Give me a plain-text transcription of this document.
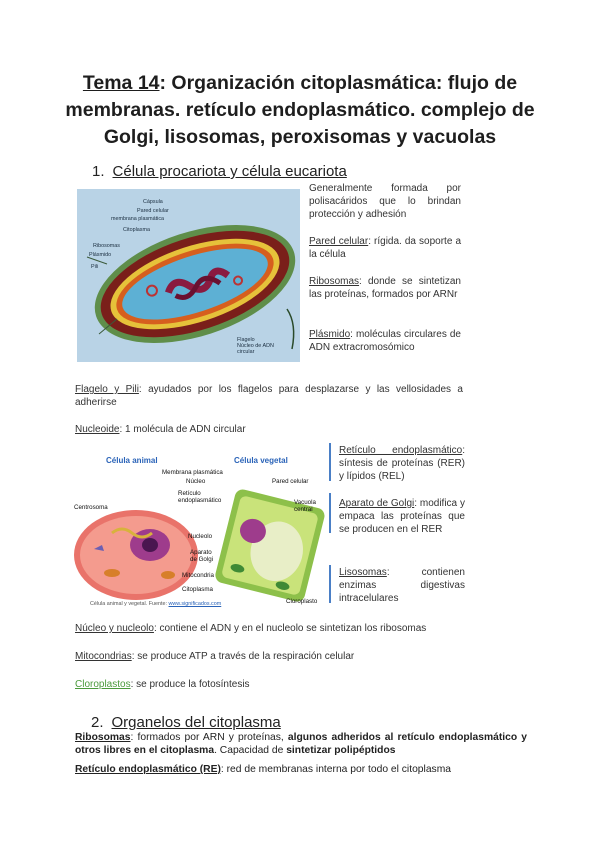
Tema 14: Organización citoplasmática: flujo de membranas. retículo endoplasmático. complejo de Golgi, lisosomas, peroxisomas y vacuolas
1. Célula procariota y célula eucariota
Cápsula
Pared celular
membrana plasmática
Citoplasma
Ribosomas
Plásmido
Pili
Flagelo
Núcleo de ADN circular
Generalmente formada por polisacáridos que lo brindan protección y adhesión
Pared celular: rígida. da soporte a la célula
Ribosomas: donde se sintetizan las proteínas, formados por ARNr
Plásmido: moléculas circulares de ADN extracromosómico
Flagelo y Pili: ayudados por los flagelos para desplazarse y las vellosidades a adherirse
Nucleoide: 1 molécula de ADN circular
Célula animal	Célula vegetal
Membrana plasmática
Núcleo
Retículo endoplasmático
Centrosoma
Nucleolo
Aparato de Golgi
Mitocondria
Citoplasma
Pared celular
Vacuola central
Cloroplasto
Célula animal y vegetal. Fuente: www.significados.com
Retículo endoplasmático: síntesis de proteínas (RER) y lípidos (REL)
Aparato de Golgi: modifica y empaca las proteínas que se producen en el RER
Lisosomas: contienen enzimas digestivas intracelulares
Núcleo y nucleolo: contiene el ADN y en el nucleolo se sintetizan los ribosomas
Mitocondrias: se produce ATP a través de la respiración celular
Cloroplastos: se produce la fotosíntesis
2. Organelos del citoplasma
Ribosomas: formados por ARN y proteínas, algunos adheridos al retículo endoplasmático y otros libres en el citoplasma. Capacidad de sintetizar polipéptidos
Retículo endoplasmático (RE): red de membranas interna por todo el citoplasma
